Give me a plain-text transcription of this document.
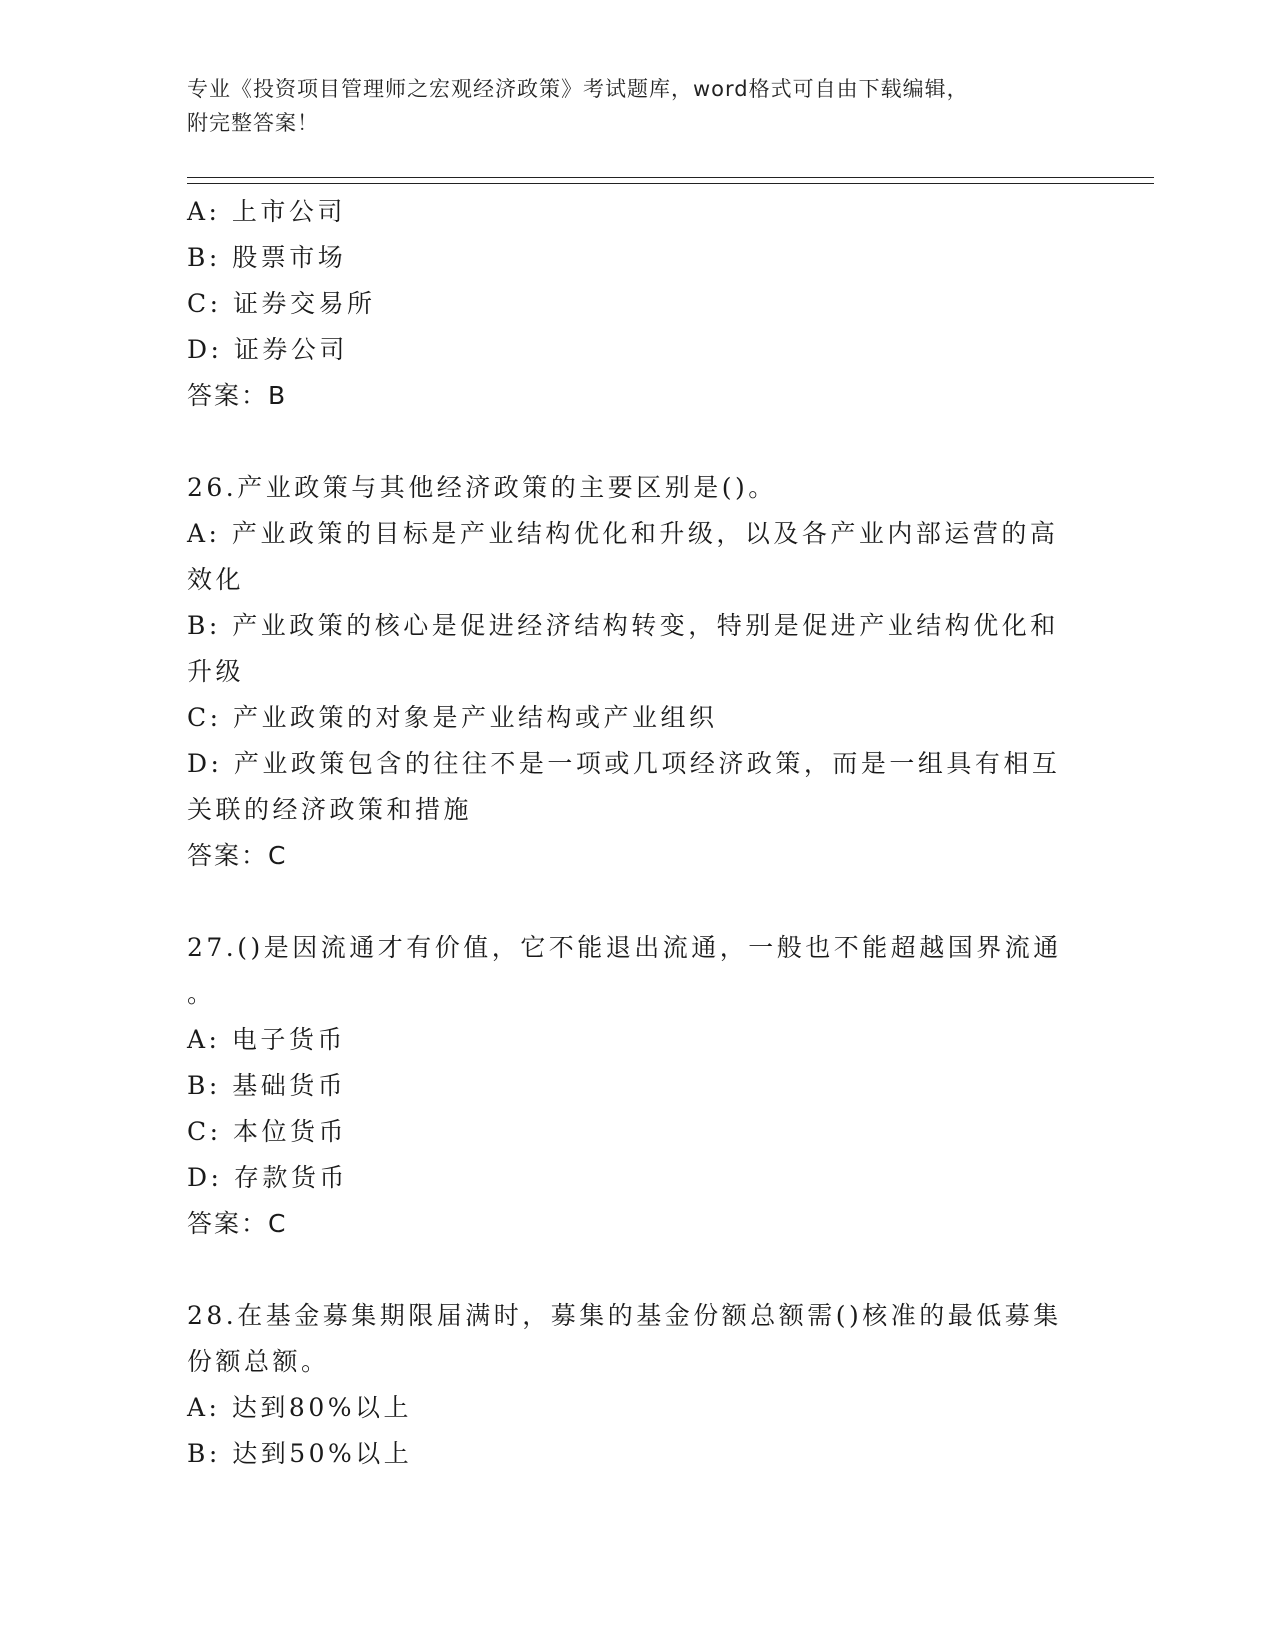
专业《投资项目管理师之宏观经济政策》考试题库，word格式可自由下载编辑，
附完整答案！
A: 上市公司
B: 股票市场
C: 证券交易所
D: 证券公司
答案：B
26.产业政策与其他经济政策的主要区别是()。
A: 产业政策的目标是产业结构优化和升级，以及各产业内部运营的高
效化
B: 产业政策的核心是促进经济结构转变，特别是促进产业结构优化和
升级
C: 产业政策的对象是产业结构或产业组织
D: 产业政策包含的往往不是一项或几项经济政策，而是一组具有相互
关联的经济政策和措施
答案：C
27.()是因流通才有价值，它不能退出流通，一般也不能超越国界流通
。
A: 电子货币
B: 基础货币
C: 本位货币
D: 存款货币
答案：C
28.在基金募集期限届满时，募集的基金份额总额需()核准的最低募集
份额总额。
A: 达到80%以上
B: 达到50%以上
